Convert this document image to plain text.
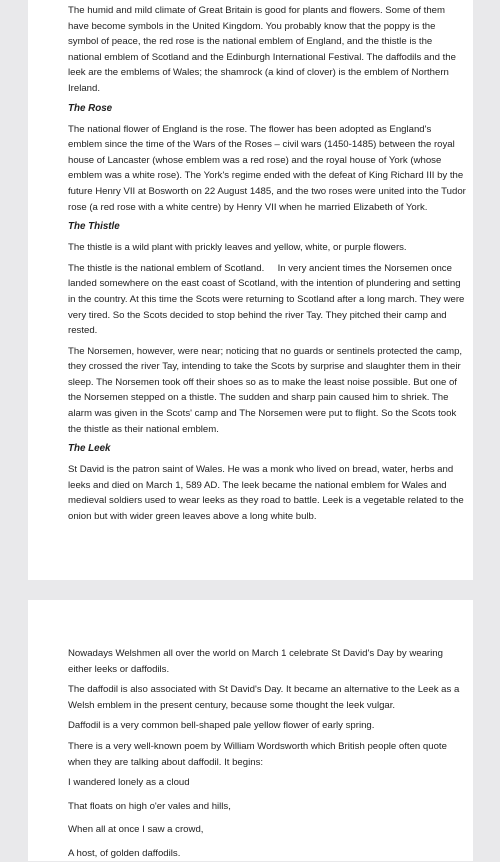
The humid and mild climate of Great Britain is good for plants and flowers. Some of them have become symbols in the United Kingdom. You probably know that the poppy is the symbol of peace, the red rose is the national emblem of England, and the thistle is the national emblem of Scotland and the Edinburgh International Festival. The daffodils and the leek are the emblems of Wales; the shamrock (a kind of clover) is the emblem of Northern Ireland.

The Rose

The national flower of England is the rose. The flower has been adopted as England's emblem since the time of the Wars of the Roses – civil wars (1450-1485) between the royal house of Lancaster (whose emblem was a red rose) and the royal house of York (whose emblem was a white rose). The York's regime ended with the defeat of King Richard III by the future Henry VII at Bosworth on 22 August 1485, and the two roses were united into the Tudor rose (a red rose with a white centre) by Henry VII when he married Elizabeth of York.

The Thistle

The thistle is a wild plant with prickly leaves and yellow, white, or purple flowers.

The thistle is the national emblem of Scotland.     In very ancient times the Norsemen once landed somewhere on the east coast of Scotland, with the intention of plundering and setting in the country. At this time the Scots were returning to Scotland after a long march. They were very tired. So the Scots decided to stop behind the river Tay. They pitched their camp and rested.

The Norsemen, however, were near; noticing that no guards or sentinels protected the camp, they crossed the river Tay, intending to take the Scots by surprise and slaughter them in their sleep. The Norsemen took off their shoes so as to make the least noise possible. But one of the Norsemen stepped on a thistle. The sudden and sharp pain caused him to shriek. The alarm was given in the Scots' camp and The Norsemen were put to flight. So the Scots took the thistle as their national emblem.

The Leek

St David is the patron saint of Wales. He was a monk who lived on bread, water, herbs and leeks and died on March 1, 589 AD. The leek became the national emblem for Wales and medieval soldiers used to wear leeks as they road to battle. Leek is a vegetable related to the onion but with wider green leaves above a long white bulb.

Nowadays Welshmen all over the world on March 1 celebrate St David's Day by wearing either leeks or daffodils.

The daffodil is also associated with St David's Day. It became an alternative to the Leek as a Welsh emblem in the present century, because some thought the leek vulgar.

Daffodil is a very common bell-shaped pale yellow flower of early spring.

There is a very well-known poem by William Wordsworth which British people often quote when they are talking about daffodil. It begins:

I wandered lonely as a cloud

That floats on high o'er vales and hills,

When all at once I saw a crowd,

A host, of golden daffodils.
